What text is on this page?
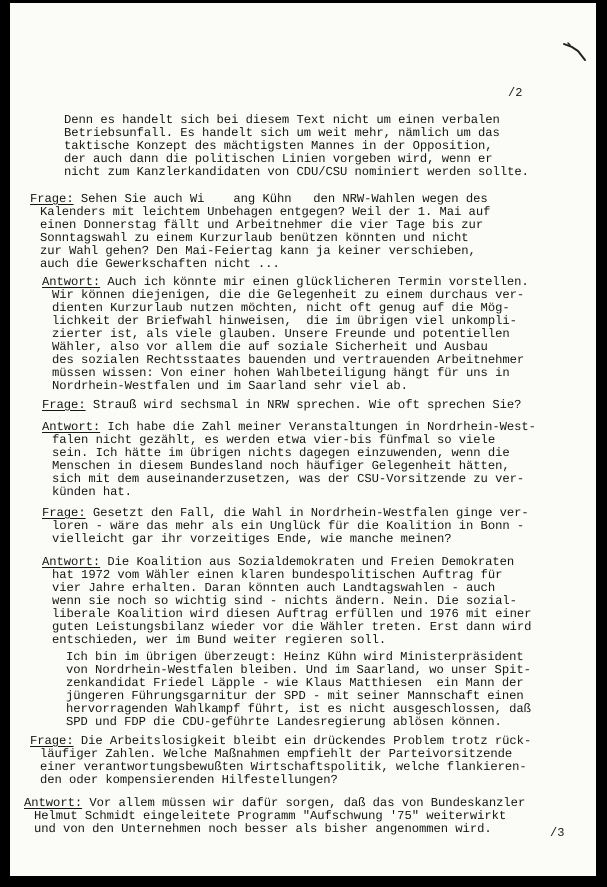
/2
Denn es handelt sich bei diesem Text nicht um einen verbalen
Betriebsunfall. Es handelt sich um weit mehr, nämlich um das
taktische Konzept des mächtigsten Mannes in der Opposition,
der auch dann die politischen Linien vorgeben wird, wenn er
nicht zum Kanzlerkandidaten von CDU/CSU nominiert werden sollte.
Frage: Sehen Sie auch Wi    ang Kühn   den NRW-Wahlen wegen des
Kalenders mit leichtem Unbehagen entgegen? Weil der 1. Mai auf
einen Donnerstag fällt und Arbeitnehmer die vier Tage bis zur
Sonntagswahl zu einem Kurzurlaub benützen könnten und nicht
zur Wahl gehen? Den Mai-Feiertag kann ja keiner verschieben,
auch die Gewerkschaften nicht ...
Antwort: Auch ich könnte mir einen glücklicheren Termin vorstellen.
Wir können diejenigen, die die Gelegenheit zu einem durchaus ver-
dienten Kurzurlaub nutzen möchten, nicht oft genug auf die Mög-
lichkeit der Briefwahl hinweisen,  die im übrigen viel unkompli-
zierter ist, als viele glauben. Unsere Freunde und potentiellen
Wähler, also vor allem die auf soziale Sicherheit und Ausbau
des sozialen Rechtsstaates bauenden und vertrauenden Arbeitnehmer
müssen wissen: Von einer hohen Wahlbeteiligung hängt für uns in
Nordrhein-Westfalen und im Saarland sehr viel ab.
Frage: Strauß wird sechsmal in NRW sprechen. Wie oft sprechen Sie?
Antwort: Ich habe die Zahl meiner Veranstaltungen in Nordrhein-West-
falen nicht gezählt, es werden etwa vier-bis fünfmal so viele
sein. Ich hätte im übrigen nichts dagegen einzuwenden, wenn die
Menschen in diesem Bundesland noch häufiger Gelegenheit hätten,
sich mit dem auseinanderzusetzen, was der CSU-Vorsitzende zu ver-
künden hat.
Frage: Gesetzt den Fall, die Wahl in Nordrhein-Westfalen ginge ver-
loren - wäre das mehr als ein Unglück für die Koalition in Bonn -
vielleicht gar ihr vorzeitiges Ende, wie manche meinen?
Antwort: Die Koalition aus Sozialdemokraten und Freien Demokraten
hat 1972 vom Wähler einen klaren bundespolitischen Auftrag für
vier Jahre erhalten. Daran könnten auch Landtagswahlen - auch
wenn sie noch so wichtig sind - nichts ändern. Nein. Die sozial-
liberale Koalition wird diesen Auftrag erfüllen und 1976 mit einer
guten Leistungsbilanz wieder vor die Wähler treten. Erst dann wird
entschieden, wer im Bund weiter regieren soll.
Ich bin im übrigen überzeugt: Heinz Kühn wird Ministerpräsident
von Nordrhein-Westfalen bleiben. Und im Saarland, wo unser Spit-
zenkandidat Friedel Läpple - wie Klaus Matthiesen  ein Mann der
jüngeren Führungsgarnitur der SPD - mit seiner Mannschaft einen
hervorragenden Wahlkampf führt, ist es nicht ausgeschlossen, daß
SPD und FDP die CDU-geführte Landesregierung ablösen können.
Frage: Die Arbeitslosigkeit bleibt ein drückendes Problem trotz rück-
läufiger Zahlen. Welche Maßnahmen empfiehlt der Parteivorsitzende
einer verantwortungsbewußten Wirtschaftspolitik, welche flankieren-
den oder kompensierenden Hilfestellungen?
Antwort: Vor allem müssen wir dafür sorgen, daß das von Bundeskanzler
Helmut Schmidt eingeleitete Programm "Aufschwung '75" weiterwirkt
und von den Unternehmen noch besser als bisher angenommen wird.	/3
